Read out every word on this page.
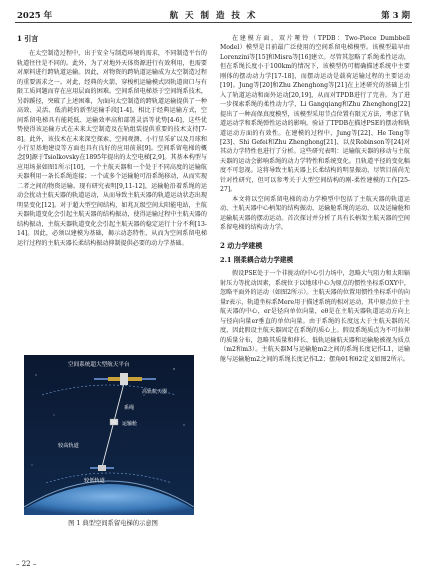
2025 年	航 天 制 造 技 术	第 3 期
1 引言

在太空制造过程中，出于安全与制造环境的需求，不同制造平台的轨道往往是不同的。此外，为了对地外天体资源进行有效利用，也需要对原料进行跨轨道运输。因此，对物资的跨轨道运输成为太空制造过程的重要需求之一。对此，经典的火箭、穿梭机运输模式因轨道窗口与有限工质问题而存在应用层面的困难。空间系留电梯基于空间绳系技术，另辟蹊径，突破了上述困难，为面向太空制造的跨轨道运输提供了一种高效、灵活、低消耗的新型运输手段[1-4]。相比于经典运输方式，空间系留电梯具有能耗低、运输效率高和部署灵活等优势[4-6]，这些优势使得该运输方式在未来太空制造及在轨组装提供重要的技术支持[7-8]。此外，该技术在未来深空探索、空间观测、小行星采矿以及月球和小行星基地建设等方面也具有良好的应用前景[9]。空间系留电梯的概念[9]源于Tsiolkovsky在1895年提出的太空电梯[2,9]。其基本构型与应用场景如图1所示[10]，一个主航天器和一个处于不同高度的运输航天器利用一条长系绳连接；一个或多个运输舱可沿系绳移动，从而实现二者之间的物资运输。现有研究表明[9,11-12]，运输舱沿着系绳的运动会扰动主航天器的轨道运动，从而导致主航天器的轨道运动状态出现明显变化[12]。对于超大型空间结构，如兆瓦级空间太阳能电站，主航天器轨道变化会引起主航天器的结构振动，使得运输过程中主航天器的结构振动，主航天器轨道变化会引起主航天器的稳定运行十分不利[13-14]。因此，必须以建模为基础，揭示动态特性，从而为空间系留电梯运行过程的主航天器长柔结构振动抑制提供必要的动力学基础。

在建模方面，双片哑铃（TPDB：Two-Piece Dumbbell Model）模型是目前最广泛使用的空间系留电梯模型。该模型最早由Lorenzini等[15]和Misra等[16]建立。尽管其忽略了系绳柔性运动，但在系绳长度小于100km的情况下，该模型仍可精确描述系统中主要刚体的摆动动力学[17-18]，而摆动运动是载荷运输过程的主要运动[19]。Jung等[20]和Zhu Zhenghong等[21]在上述研究的基础上引入了轨道运动和面外运动[20,19]，从而对TPDB进行了完善。为了进一步探索系绳的柔性动力学，Li Gangqiang和Zhu Zhenghong[22]提出了一种高保真度模型，该模型采用节点位置有限元方法，考虑了轨道运动学和系绳弹性运动的影响，验证了TPDB在描述PSE的摆动和轨道运动方面的有效性。在建模的过程中，Jung等[22]、He Teng等[23]、Shi Gefei和Zhu Zhenghong[21]、以及Robinson等[24]对其动力学特性也进行了分析。这些研究表明：运输航天器的移动与主航天器的运动会影响系绳的动力学特性和系统变化。且轨道平径的变化幅度不可忽视。这将导致主航天器上长柔结构的明显振动，尽管目前尚无针对性研究，但可以参考关于大型空间结构的刚-柔性建模的工作[25-27]。

本文将以空间系留电梯的动力学模型中包括了主航天器的轨道运动、主航天器中心柄架的结构振动、运输舱系绳的运动，以及运输舱和运输航天器的摆动运动。首次探讨并分析了具有长柄架主航天器的空间系留电梯的结构动力学。

2 动力学建模
2.1 刚柔耦合动力学建模

假设PSE处于一个非拢动的中心引力场中，忽略大气阻力和太阳辐射压力等扰动因素，系统位于以地球中心为原点的惯性坐标系OXY中，忽略平面外的运动（如图2所示）。主航天器的位置用惯性坐标系中的向量r表示，轨道坐标系Mere用于描述系统的相对运动，其中原点位于主航天器的中心，er是径向单位向量，eθ是在主航天器轨道运动方向上与径向向量er垂直的单位向量。由于系绳的长度远大于主航天器的尺度，因此假设主航天器固定在系绳的质心上。假设系绳质点为不可拉伸的质量分布，忽略其质量和伸长、低轨运输航天器和运输舱被视为质点（m2和m3）。主航天器M与运输舱m2之间的系绳长度记作L1，运输舱与运输舱m2之间的系绳长度记作L2；摆角θ1和θ2定义如图2所示。

空间系统超大型航天平台
高轨航天器
系绳
运输舱
较高轨道
较低轨道
图 1 典型空间系留电梯的示意图
– 22 –
